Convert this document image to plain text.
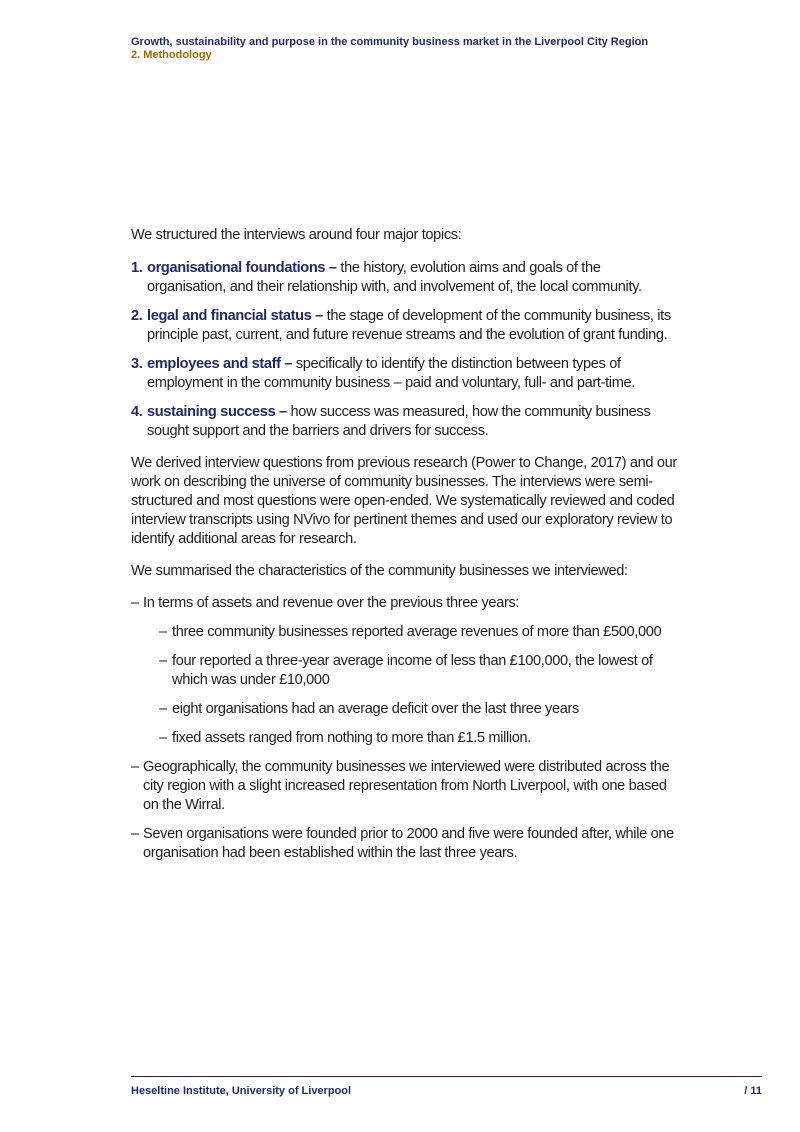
Growth, sustainability and purpose in the community business market in the Liverpool City Region
2. Methodology

We structured the interviews around four major topics:

1. organisational foundations – the history, evolution aims and goals of the organisation, and their relationship with, and involvement of, the local community.
2. legal and financial status – the stage of development of the community business, its principle past, current, and future revenue streams and the evolution of grant funding.
3. employees and staff – specifically to identify the distinction between types of employment in the community business – paid and voluntary, full- and part-time.
4. sustaining success – how success was measured, how the community business sought support and the barriers and drivers for success.

We derived interview questions from previous research (Power to Change, 2017) and our work on describing the universe of community businesses. The interviews were semi-structured and most questions were open-ended. We systematically reviewed and coded interview transcripts using NVivo for pertinent themes and used our exploratory review to identify additional areas for research.

We summarised the characteristics of the community businesses we interviewed:

– In terms of assets and revenue over the previous three years:
– three community businesses reported average revenues of more than £500,000
– four reported a three-year average income of less than £100,000, the lowest of which was under £10,000
– eight organisations had an average deficit over the last three years
– fixed assets ranged from nothing to more than £1.5 million.
– Geographically, the community businesses we interviewed were distributed across the city region with a slight increased representation from North Liverpool, with one based on the Wirral.
– Seven organisations were founded prior to 2000 and five were founded after, while one organisation had been established within the last three years.
Heseltine Institute, University of Liverpool	/ 11
